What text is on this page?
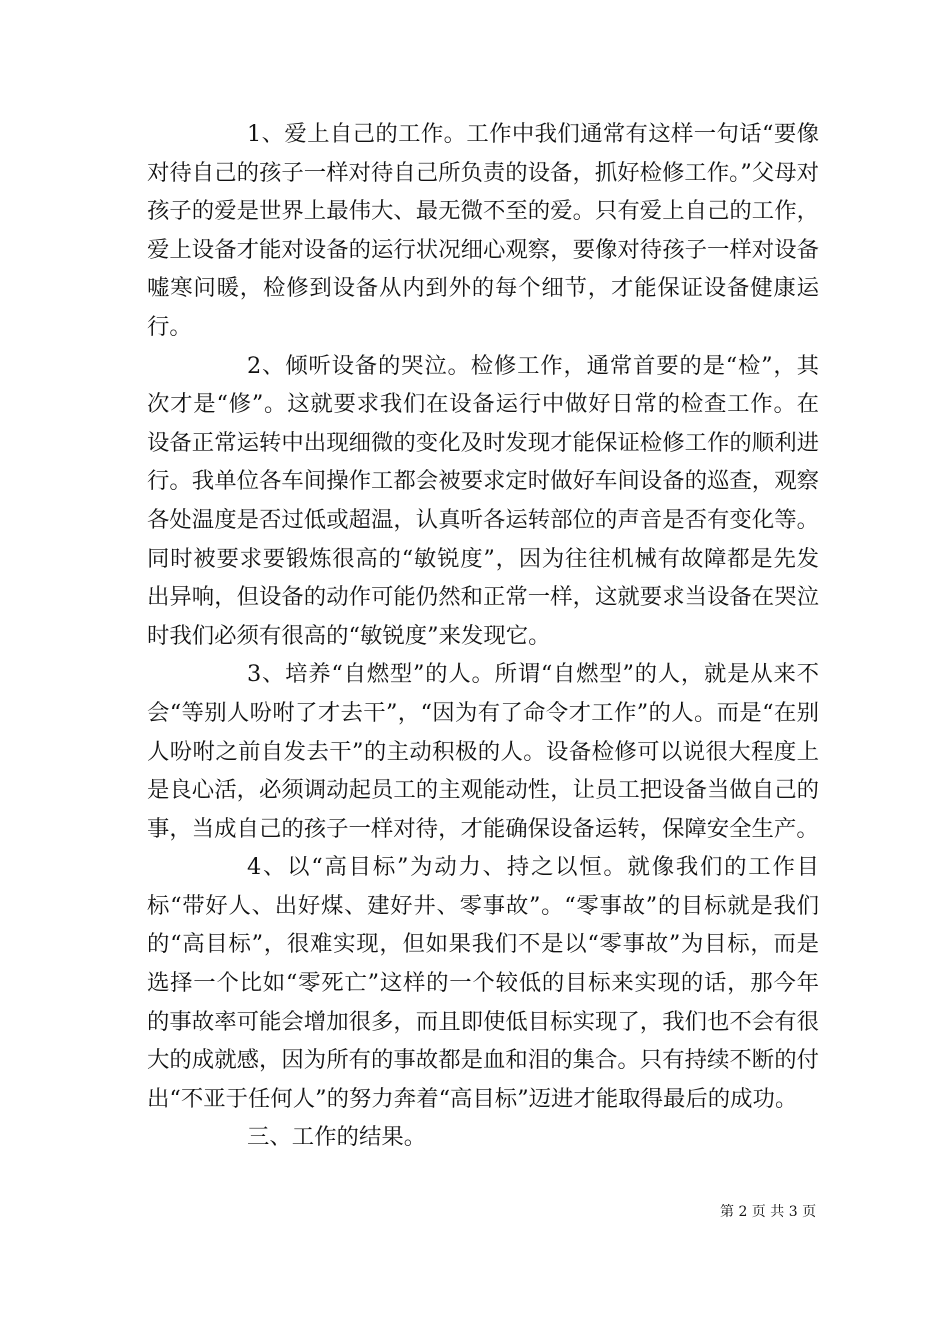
1、爱上自己的工作。工作中我们通常有这样一句话“要像对待自己的孩子一样对待自己所负责的设备，抓好检修工作。”父母对孩子的爱是世界上最伟大、最无微不至的爱。只有爱上自己的工作，爱上设备才能对设备的运行状况细心观察，要像对待孩子一样对设备嘘寒问暖，检修到设备从内到外的每个细节，才能保证设备健康运行。

2、倾听设备的哭泣。检修工作，通常首要的是“检”，其次才是“修”。这就要求我们在设备运行中做好日常的检查工作。在设备正常运转中出现细微的变化及时发现才能保证检修工作的顺利进行。我单位各车间操作工都会被要求定时做好车间设备的巡查，观察各处温度是否过低或超温，认真听各运转部位的声音是否有变化等。同时被要求要锻炼很高的“敏锐度”，因为往往机械有故障都是先发出异响，但设备的动作可能仍然和正常一样，这就要求当设备在哭泣时我们必须有很高的“敏锐度”来发现它。

3、培养“自燃型”的人。所谓“自燃型”的人，就是从来不会“等别人吩咐了才去干”，“因为有了命令才工作”的人。而是“在别人吩咐之前自发去干”的主动积极的人。设备检修可以说很大程度上是良心活，必须调动起员工的主观能动性，让员工把设备当做自己的事，当成自己的孩子一样对待，才能确保设备运转，保障安全生产。

4、以“高目标”为动力、持之以恒。就像我们的工作目标“带好人、出好煤、建好井、零事故”。“零事故”的目标就是我们的“高目标”，很难实现，但如果我们不是以“零事故”为目标，而是选择一个比如“零死亡”这样的一个较低的目标来实现的话，那今年的事故率可能会增加很多，而且即使低目标实现了，我们也不会有很大的成就感，因为所有的事故都是血和泪的集合。只有持续不断的付出“不亚于任何人”的努力奔着“高目标”迈进才能取得最后的成功。

三、工作的结果。

第 2 页 共 3 页
